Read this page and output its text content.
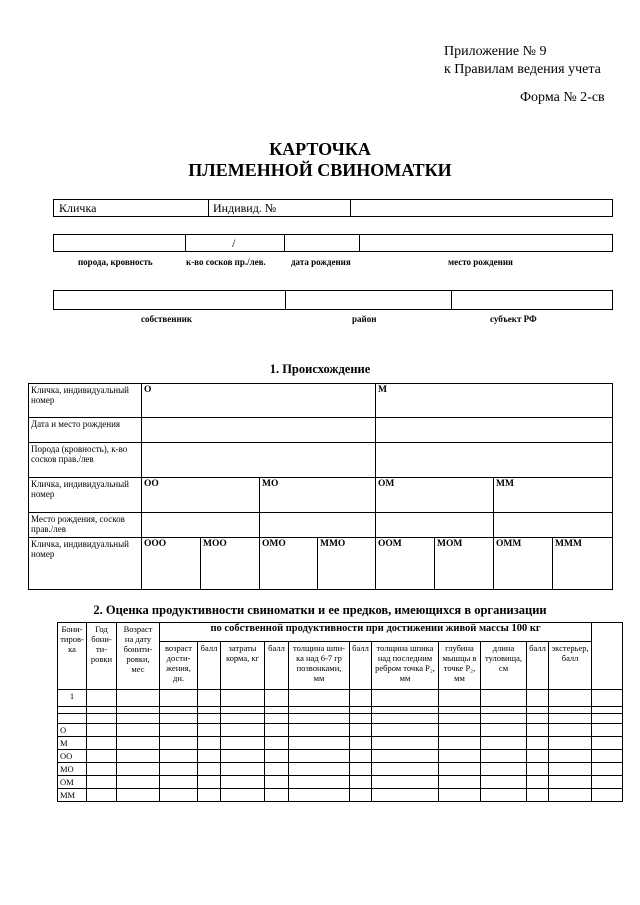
Приложение № 9
к Правилам ведения учета
Форма № 2-св
КАРТОЧКА
ПЛЕМЕННОЙ СВИНОМАТКИ
Кличка	Индивид. №
/
порода, кровность	к-во сосков пр./лев.	дата рождения	место рождения
собственник	район	субъект РФ
1. Происхождение
Кличка, индивидуальный номер	О				М			
Дата и место рождения								
Порода (кровность), к-во сосков прав./лев								
Кличка, индивидуальный номер	ОО		МО		ОМ		ММ	
Место рождения, сосков прав./лев								
Кличка, индивидуальный номер	ООО	МОО	ОМО	ММО	ООМ	МОМ	ОММ	МММ
2. Оценка продуктивности свиноматки и ее предков, имеющихся в организации
Бони-тиров-ка	Год бони-ти-ровки	Возраст на дату бонити-ровки, мес	по собственной продуктивности при достижении живой массы 100 кг											
			возраст дости-жения, дн.	балл	затраты корма, кг	балл	толщина шпи-ка над 6-7 гр позвонками, мм	балл	толщина шпика над последним ребром точка P₂, мм	глубина мышцы в точке P₂, мм	длина туловища, см	балл	экстерьер, балл	
1														

О														
М														
ОО														
МО														
ОМ														
ММ														
